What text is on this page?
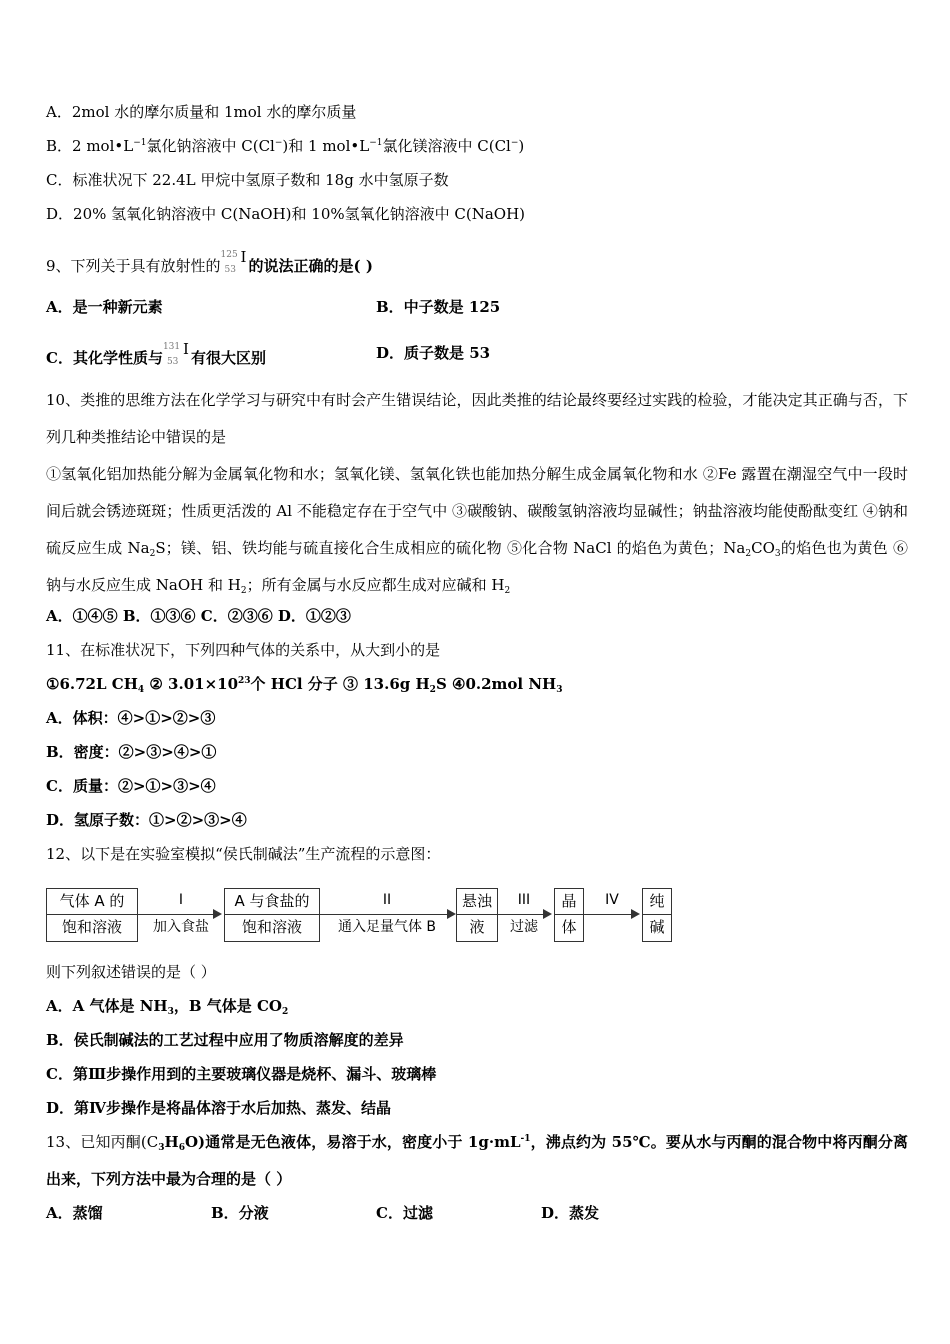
A．2mol 水的摩尔质量和 1mol 水的摩尔质量
B．2 $mol•L^{-1}$氯化钠溶液中 C(Cl−)和 1 $mol•L^{-1}$氯化镁溶液中 C(Cl−)
C．标准状况下 22.4L 甲烷中氢原子数和 18g 水中氢原子数
D．20% 氢氧化钠溶液中 C(NaOH)和 10%氢氧化钠溶液中 C(NaOH)
9、下列关于具有放射性的
125
53
I 的说法正确的是( )
A．是一种新元素	B．中子数是 125
C．其化学性质与
131
53
I 有很大区别	D．质子数是 53
10、类推的思维方法在化学学习与研究中有时会产生错误结论，因此类推的结论最终要经过实践的检验，才能决定其正确与否，下列几种类推结论中错误的是
①氢氧化铝加热能分解为金属氧化物和水；氢氧化镁、氢氧化铁也能加热分解生成金属氧化物和水 ②Fe 露置在潮湿空气中一段时间后就会锈迹斑斑；性质更活泼的 Al 不能稳定存在于空气中 ③碳酸钠、碳酸氢钠溶液均显碱性；钠盐溶液均能使酚酞变红 ④钠和硫反应生成 $Na_2S$；镁、铝、铁均能与硫直接化合生成相应的硫化物 ⑤化合物 NaCl 的焰色为黄色；$Na_2CO_3$的焰色也为黄色 ⑥钠与水反应生成 NaOH 和 $H_2$；所有金属与水反应都生成对应碱和 $H_2$
A．①④⑤ B．①③⑥ C．②③⑥ D．①②③
11、在标准状况下，下列四种气体的关系中，从大到小的是
①6.72L $CH_4$ ② $3.01\times 10^{23}$个 HCl 分子 ③ 13.6g $H_2S$ ④0.2mol $NH_3$
A．体积：④>①>②>③
B．密度：②>③>④>①
C．质量：②>①>③>④
D．氢原子数：①>②>③>④
12、以下是在实验室模拟“侯氏制碱法”生产流程的示意图：
气体 A 的
饱和溶液
I
加入食盐
A 与食盐的
饱和溶液
II
通入足量气体 B
悬浊
液
III
过滤
晶
体
IV	纯
碱
则下列叙述错误的是（ ）
A．A 气体是 $NH_3$，B 气体是 $CO_2$
B．侯氏制碱法的工艺过程中应用了物质溶解度的差异
C．第Ⅲ步操作用到的主要玻璃仪器是烧杯、漏斗、玻璃棒
D．第Ⅳ步操作是将晶体溶于水后加热、蒸发、结晶
13、已知丙酮$(C_3H_6O)$通常是无色液体，易溶于水，密度小于 $1g\cdot mL^{-1}$，沸点约为 55℃。要从水与丙酮的混合物中将丙酮分离出来，下列方法中最为合理的是（ ）
A．蒸馏	B．分液	C．过滤	D．蒸发
